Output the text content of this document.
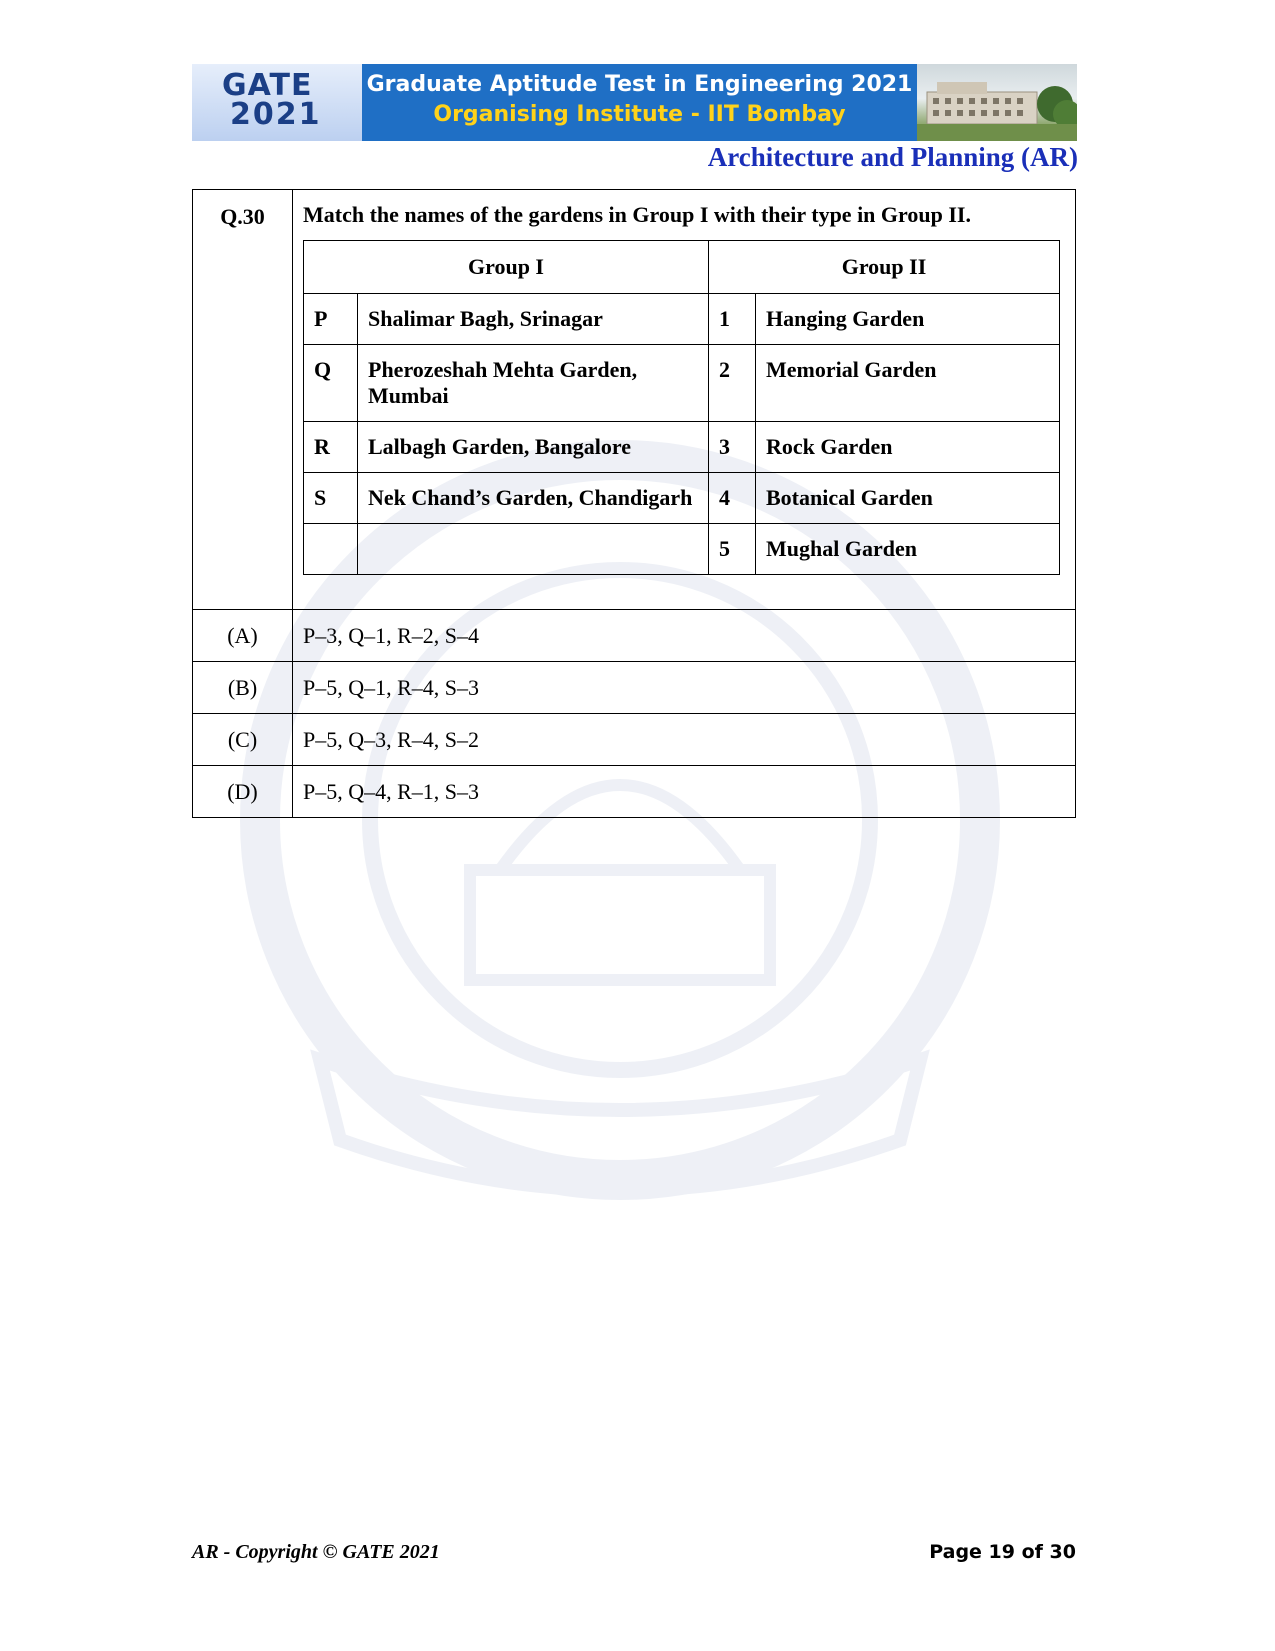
GATE
2021
Graduate Aptitude Test in Engineering 2021
Organising Institute - IIT Bombay
Architecture and Planning (AR)
Q.30	Match the names of the gardens in Group I with their type in Group II.
Group I	Group II
P	Shalimar Bagh, Srinagar	1	Hanging Garden
Q	Pherozeshah Mehta Garden, Mumbai	2	Memorial Garden
R	Lalbagh Garden, Bangalore	3	Rock Garden
S	Nek Chand’s Garden, Chandigarh	4	Botanical Garden
		5	Mughal Garden

(A)	P–3, Q–1, R–2, S–4
(B)	P–5, Q–1, R–4, S–3
(C)	P–5, Q–3, R–4, S–2
(D)	P–5, Q–4, R–1, S–3
AR - Copyright © GATE 2021	Page 19 of 30
